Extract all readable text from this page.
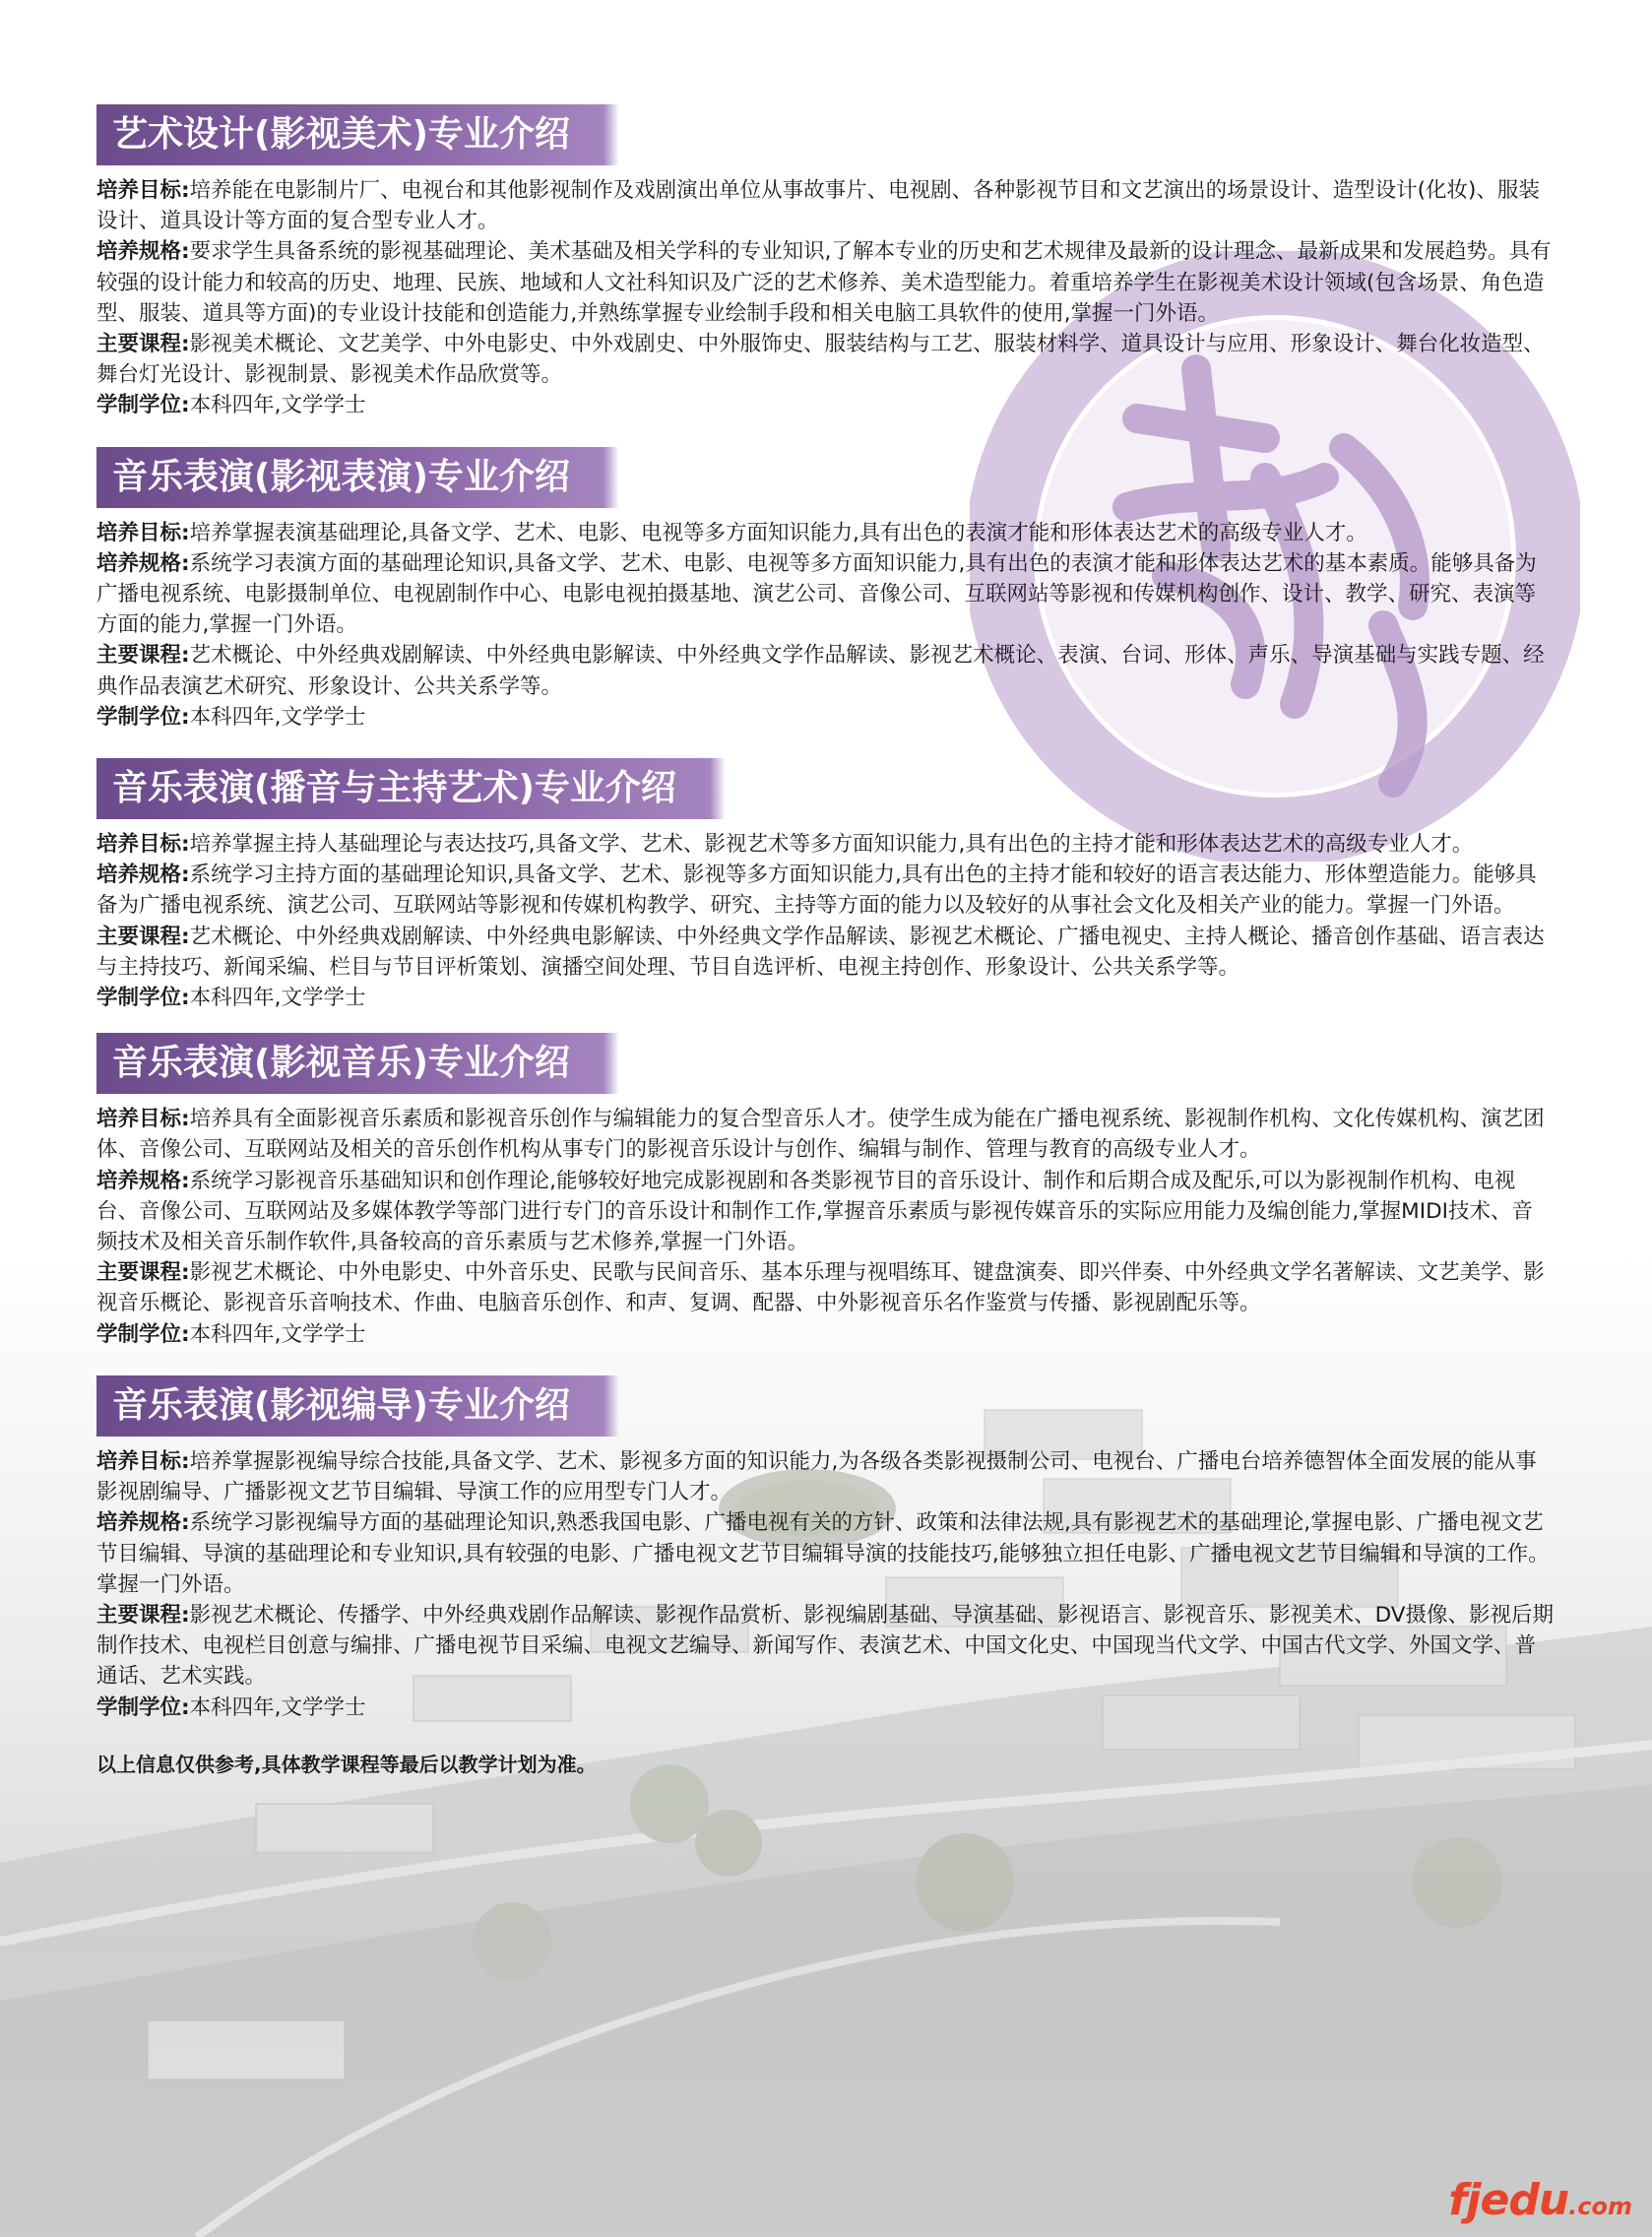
艺术设计(影视美术)专业介绍

培养目标:培养能在电影制片厂、电视台和其他影视制作及戏剧演出单位从事故事片、电视剧、各种影视节目和文艺演出的场景设计、造型设计(化妆)、服装设计、道具设计等方面的复合型专业人才。

培养规格:要求学生具备系统的影视基础理论、美术基础及相关学科的专业知识,了解本专业的历史和艺术规律及最新的设计理念、最新成果和发展趋势。具有较强的设计能力和较高的历史、地理、民族、地域和人文社科知识及广泛的艺术修养、美术造型能力。着重培养学生在影视美术设计领域(包含场景、角色造型、服装、道具等方面)的专业设计技能和创造能力,并熟练掌握专业绘制手段和相关电脑工具软件的使用,掌握一门外语。

主要课程:影视美术概论、文艺美学、中外电影史、中外戏剧史、中外服饰史、服装结构与工艺、服装材料学、道具设计与应用、形象设计、舞台化妆造型、舞台灯光设计、影视制景、影视美术作品欣赏等。

学制学位:本科四年,文学学士

音乐表演(影视表演)专业介绍

培养目标:培养掌握表演基础理论,具备文学、艺术、电影、电视等多方面知识能力,具有出色的表演才能和形体表达艺术的高级专业人才。

培养规格:系统学习表演方面的基础理论知识,具备文学、艺术、电影、电视等多方面知识能力,具有出色的表演才能和形体表达艺术的基本素质。能够具备为广播电视系统、电影摄制单位、电视剧制作中心、电影电视拍摄基地、演艺公司、音像公司、互联网站等影视和传媒机构创作、设计、教学、研究、表演等方面的能力,掌握一门外语。

主要课程:艺术概论、中外经典戏剧解读、中外经典电影解读、中外经典文学作品解读、影视艺术概论、表演、台词、形体、声乐、导演基础与实践专题、经典作品表演艺术研究、形象设计、公共关系学等。

学制学位:本科四年,文学学士

音乐表演(播音与主持艺术)专业介绍

培养目标:培养掌握主持人基础理论与表达技巧,具备文学、艺术、影视艺术等多方面知识能力,具有出色的主持才能和形体表达艺术的高级专业人才。

培养规格:系统学习主持方面的基础理论知识,具备文学、艺术、影视等多方面知识能力,具有出色的主持才能和较好的语言表达能力、形体塑造能力。能够具备为广播电视系统、演艺公司、互联网站等影视和传媒机构教学、研究、主持等方面的能力以及较好的从事社会文化及相关产业的能力。掌握一门外语。

主要课程:艺术概论、中外经典戏剧解读、中外经典电影解读、中外经典文学作品解读、影视艺术概论、广播电视史、主持人概论、播音创作基础、语言表达与主持技巧、新闻采编、栏目与节目评析策划、演播空间处理、节目自选评析、电视主持创作、形象设计、公共关系学等。

学制学位:本科四年,文学学士

音乐表演(影视音乐)专业介绍

培养目标:培养具有全面影视音乐素质和影视音乐创作与编辑能力的复合型音乐人才。使学生成为能在广播电视系统、影视制作机构、文化传媒机构、演艺团体、音像公司、互联网站及相关的音乐创作机构从事专门的影视音乐设计与创作、编辑与制作、管理与教育的高级专业人才。

培养规格:系统学习影视音乐基础知识和创作理论,能够较好地完成影视剧和各类影视节目的音乐设计、制作和后期合成及配乐,可以为影视制作机构、电视台、音像公司、互联网站及多媒体教学等部门进行专门的音乐设计和制作工作,掌握音乐素质与影视传媒音乐的实际应用能力及编创能力,掌握MIDI技术、音频技术及相关音乐制作软件,具备较高的音乐素质与艺术修养,掌握一门外语。

主要课程:影视艺术概论、中外电影史、中外音乐史、民歌与民间音乐、基本乐理与视唱练耳、键盘演奏、即兴伴奏、中外经典文学名著解读、文艺美学、影视音乐概论、影视音乐音响技术、作曲、电脑音乐创作、和声、复调、配器、中外影视音乐名作鉴赏与传播、影视剧配乐等。

学制学位:本科四年,文学学士

音乐表演(影视编导)专业介绍

培养目标:培养掌握影视编导综合技能,具备文学、艺术、影视多方面的知识能力,为各级各类影视摄制公司、电视台、广播电台培养德智体全面发展的能从事影视剧编导、广播影视文艺节目编辑、导演工作的应用型专门人才。

培养规格:系统学习影视编导方面的基础理论知识,熟悉我国电影、广播电视有关的方针、政策和法律法规,具有影视艺术的基础理论,掌握电影、广播电视文艺节目编辑、导演的基础理论和专业知识,具有较强的电影、广播电视文艺节目编辑导演的技能技巧,能够独立担任电影、广播电视文艺节目编辑和导演的工作。掌握一门外语。

主要课程:影视艺术概论、传播学、中外经典戏剧作品解读、影视作品赏析、影视编剧基础、导演基础、影视语言、影视音乐、影视美术、DV摄像、影视后期制作技术、电视栏目创意与编排、广播电视节目采编、电视文艺编导、新闻写作、表演艺术、中国文化史、中国现当代文学、中国古代文学、外国文学、普通话、艺术实践。

学制学位:本科四年,文学学士

以上信息仅供参考,具体教学课程等最后以教学计划为准。
fjedu.com
